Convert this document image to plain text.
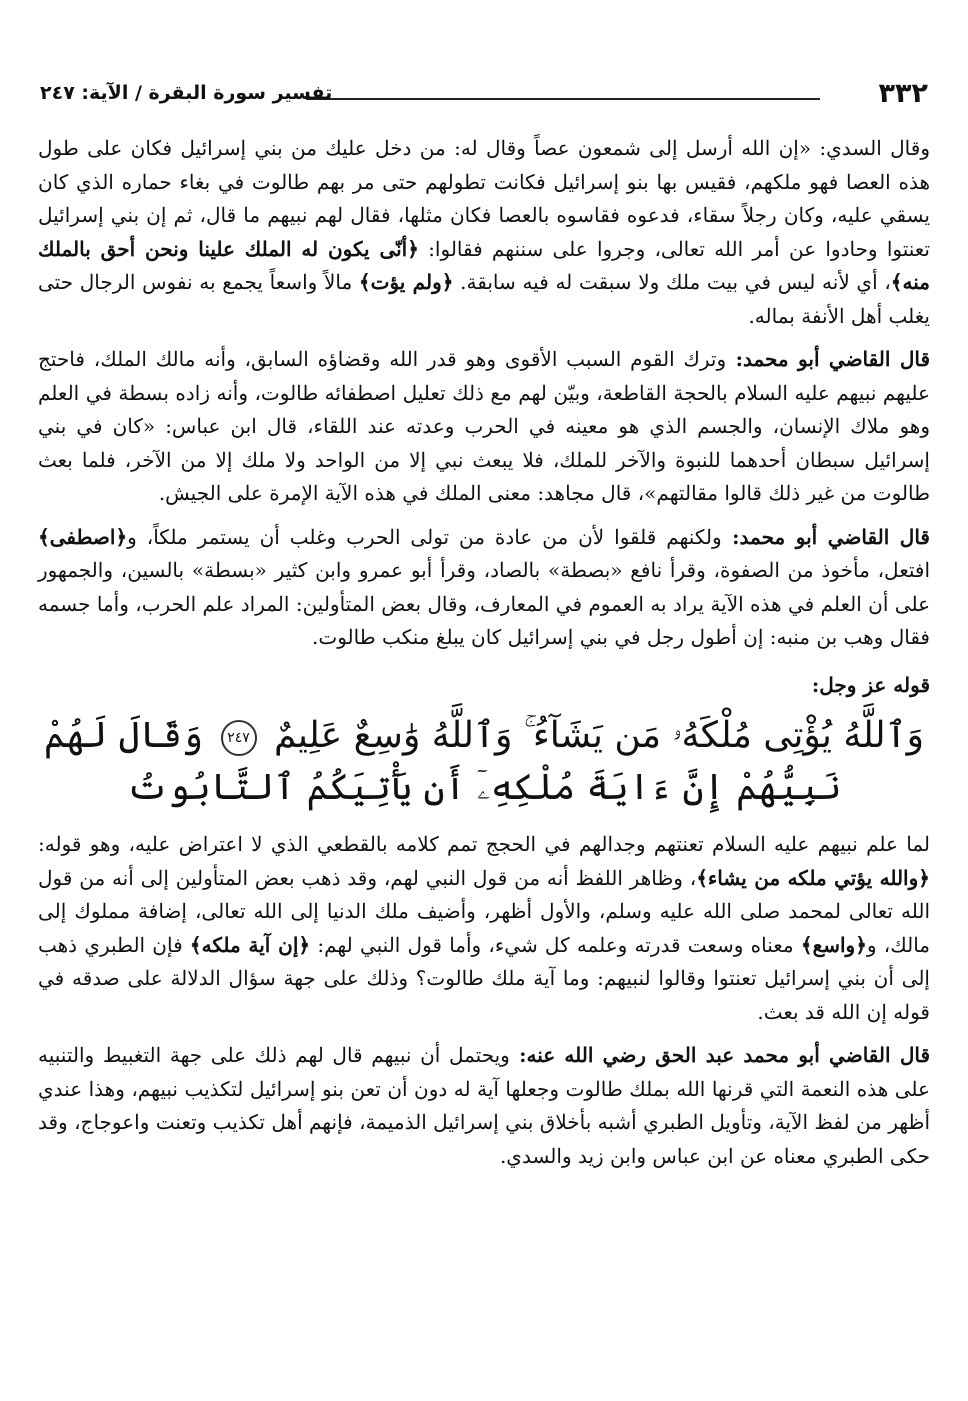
٣٣٢
تفسير سورة البقرة / الآية: ٢٤٧

وقال السدي: «إن الله أرسل إلى شمعون عصاً وقال له: من دخل عليك من بني إسرائيل فكان على طول هذه العصا فهو ملكهم، فقيس بها بنو إسرائيل فكانت تطولهم حتى مر بهم طالوت في بغاء حماره الذي كان يسقي عليه، وكان رجلاً سقاء، فدعوه فقاسوه بالعصا فكان مثلها، فقال لهم نبيهم ما قال، ثم إن بني إسرائيل تعنتوا وحادوا عن أمر الله تعالى، وجروا على سننهم فقالوا: ﴿أنّى يكون له الملك علينا ونحن أحق بالملك منه﴾، أي لأنه ليس في بيت ملك ولا سبقت له فيه سابقة. ﴿ولم يؤت﴾ مالاً واسعاً يجمع به نفوس الرجال حتى يغلب أهل الأنفة بماله.

قال القاضي أبو محمد: وترك القوم السبب الأقوى وهو قدر الله وقضاؤه السابق، وأنه مالك الملك، فاحتج عليهم نبيهم عليه السلام بالحجة القاطعة، وبيّن لهم مع ذلك تعليل اصطفائه طالوت، وأنه زاده بسطة في العلم وهو ملاك الإنسان، والجسم الذي هو معينه في الحرب وعدته عند اللقاء، قال ابن عباس: «كان في بني إسرائيل سبطان أحدهما للنبوة والآخر للملك، فلا يبعث نبي إلا من الواحد ولا ملك إلا من الآخر، فلما بعث طالوت من غير ذلك قالوا مقالتهم»، قال مجاهد: معنى الملك في هذه الآية الإمرة على الجيش.

قال القاضي أبو محمد: ولكنهم قلقوا لأن من عادة من تولى الحرب وغلب أن يستمر ملكاً، و﴿اصطفى﴾ افتعل، مأخوذ من الصفوة، وقرأ نافع «بصطة» بالصاد، وقرأ أبو عمرو وابن كثير «بسطة» بالسين، والجمهور على أن العلم في هذه الآية يراد به العموم في المعارف، وقال بعض المتأولين: المراد علم الحرب، وأما جسمه فقال وهب بن منبه: إن أطول رجل في بني إسرائيل كان يبلغ منكب طالوت.

قوله عز وجل:

وَٱللَّهُ يُؤْتِى مُلْكَهُۥ مَن يَشَآءُ ۚ وَٱللَّهُ وَٰسِعٌ عَلِيمٌ ٢٤٧ وَقَالَ لَهُمْ نَبِيُّهُمْ إِنَّ ءَايَةَ مُلْكِهِۦٓ أَن يَأْتِيَكُمُ ٱلتَّابُوتُ

لما علم نبيهم عليه السلام تعنتهم وجدالهم في الحجج تمم كلامه بالقطعي الذي لا اعتراض عليه، وهو قوله: ﴿والله يؤتي ملكه من يشاء﴾، وظاهر اللفظ أنه من قول النبي لهم، وقد ذهب بعض المتأولين إلى أنه من قول الله تعالى لمحمد صلى الله عليه وسلم، والأول أظهر، وأضيف ملك الدنيا إلى الله تعالى، إضافة مملوك إلى مالك، و﴿واسع﴾ معناه وسعت قدرته وعلمه كل شيء، وأما قول النبي لهم: ﴿إن آية ملكه﴾ فإن الطبري ذهب إلى أن بني إسرائيل تعنتوا وقالوا لنبيهم: وما آية ملك طالوت؟ وذلك على جهة سؤال الدلالة على صدقه في قوله إن الله قد بعث.

قال القاضي أبو محمد عبد الحق رضي الله عنه: ويحتمل أن نبيهم قال لهم ذلك على جهة التغبيط والتنبيه على هذه النعمة التي قرنها الله بملك طالوت وجعلها آية له دون أن تعن بنو إسرائيل لتكذيب نبيهم، وهذا عندي أظهر من لفظ الآية، وتأويل الطبري أشبه بأخلاق بني إسرائيل الذميمة، فإنهم أهل تكذيب وتعنت واعوجاج، وقد حكى الطبري معناه عن ابن عباس وابن زيد والسدي.
